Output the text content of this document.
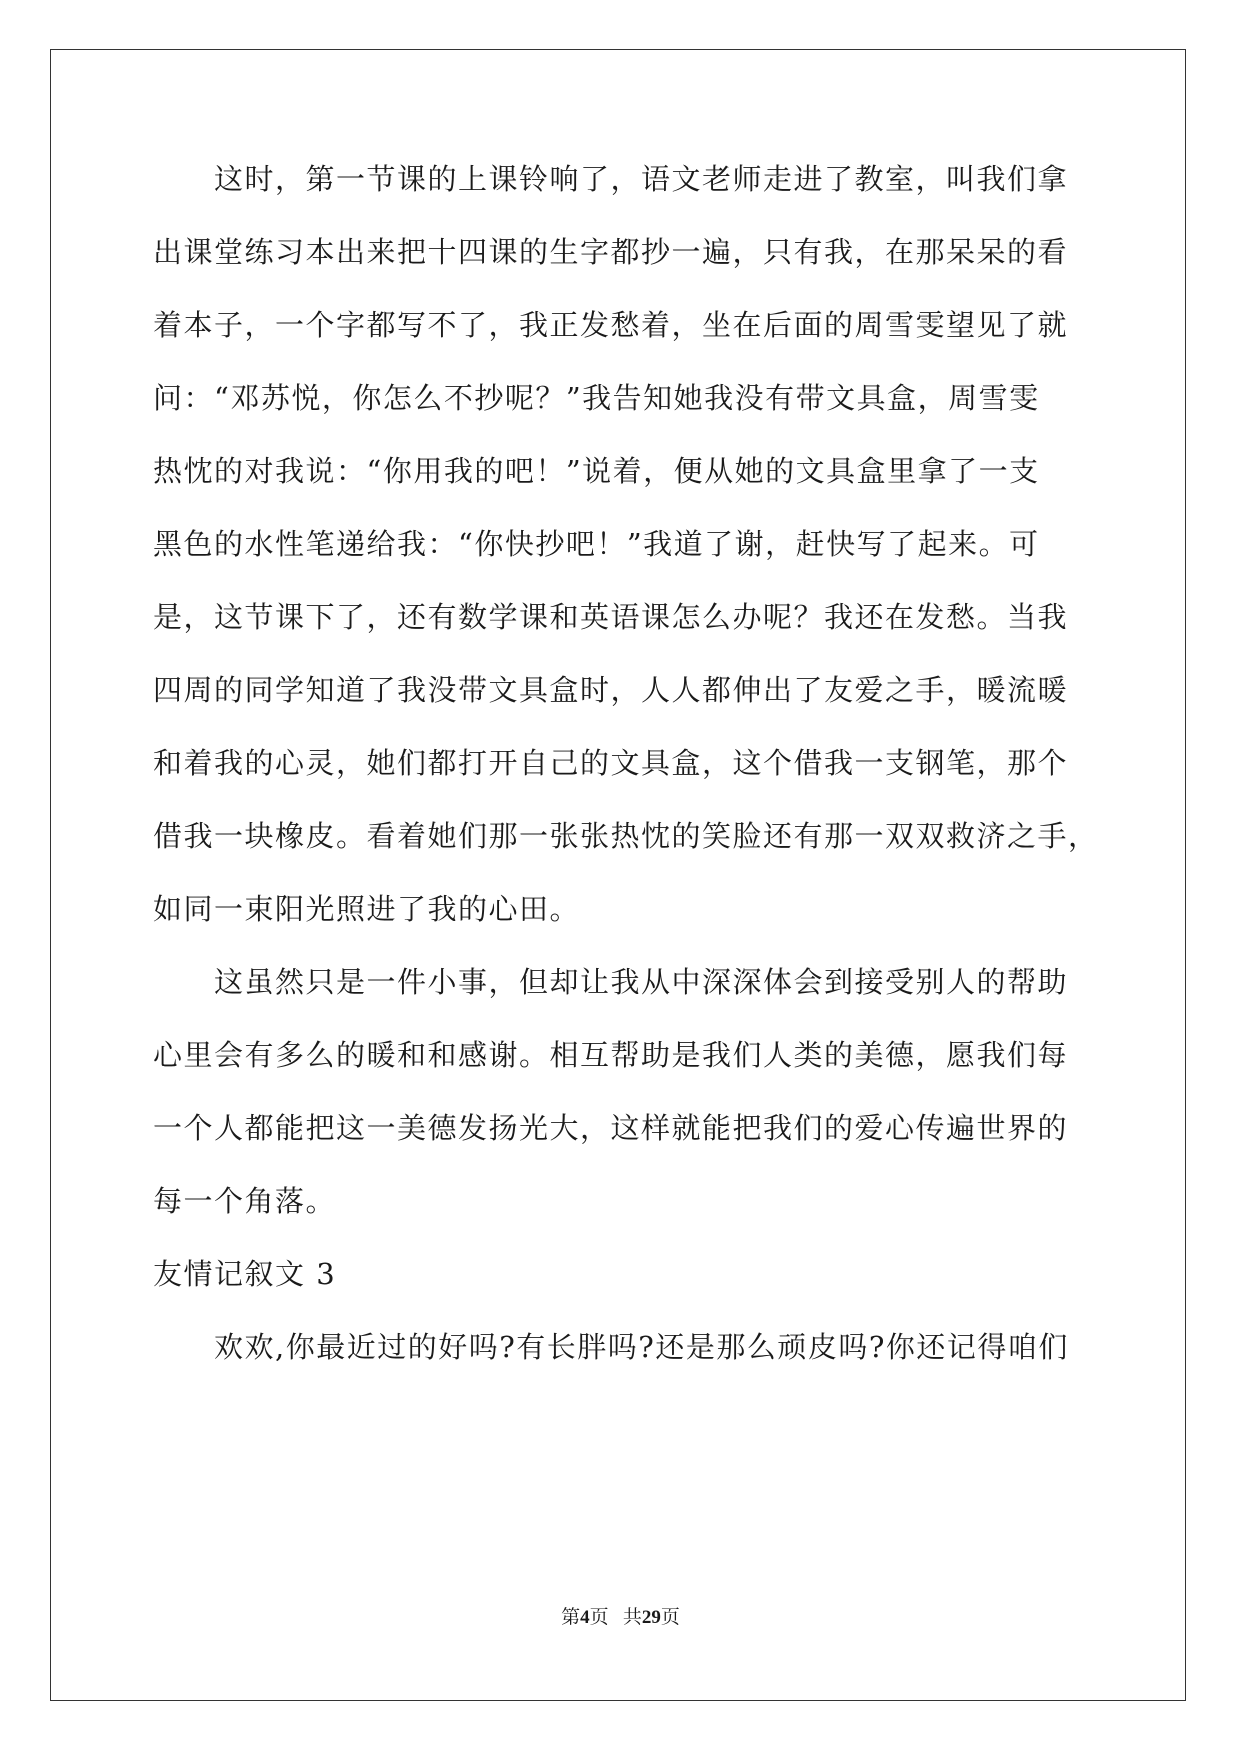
这时，第一节课的上课铃响了，语文老师走进了教室，叫我们拿
出课堂练习本出来把十四课的生字都抄一遍，只有我，在那呆呆的看
着本子，一个字都写不了，我正发愁着，坐在后面的周雪雯望见了就
问：“邓苏悦，你怎么不抄呢？”我告知她我没有带文具盒，周雪雯
热忱的对我说：“你用我的吧！”说着，便从她的文具盒里拿了一支
黑色的水性笔递给我：“你快抄吧！”我道了谢，赶快写了起来。可
是，这节课下了，还有数学课和英语课怎么办呢？我还在发愁。当我
四周的同学知道了我没带文具盒时，人人都伸出了友爱之手，暖流暖
和着我的心灵，她们都打开自己的文具盒，这个借我一支钢笔，那个
借我一块橡皮。看着她们那一张张热忱的笑脸还有那一双双救济之手，
如同一束阳光照进了我的心田。
这虽然只是一件小事，但却让我从中深深体会到接受别人的帮助
心里会有多么的暖和和感谢。相互帮助是我们人类的美德，愿我们每
一个人都能把这一美德发扬光大，这样就能把我们的爱心传遍世界的
每一个角落。
友情记叙文 3
欢欢,你最近过的好吗?有长胖吗?还是那么顽皮吗?你还记得咱们
第4页 共29页
